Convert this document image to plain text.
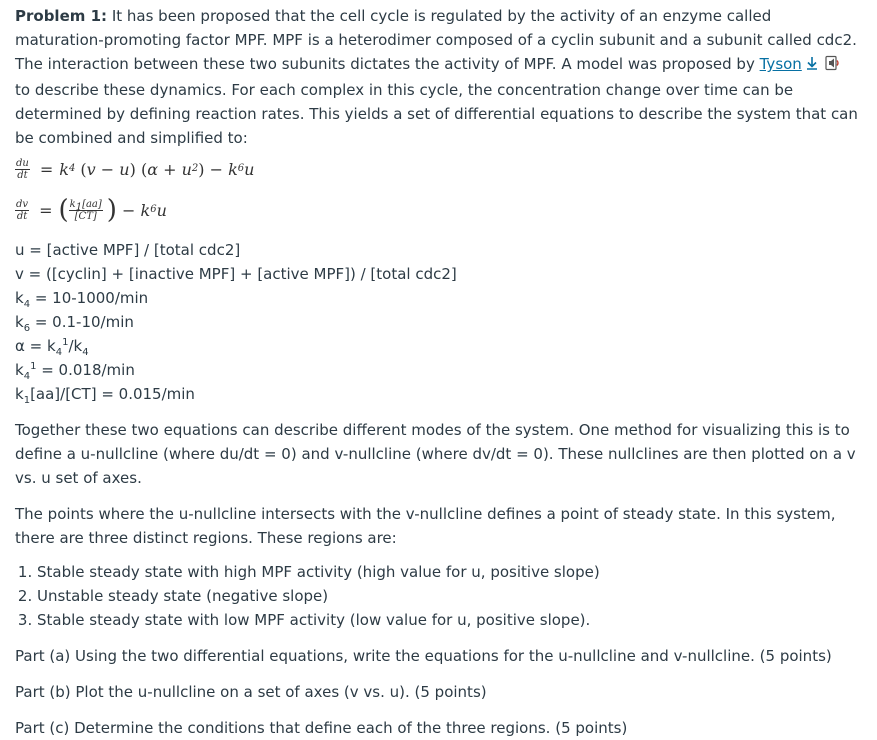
Problem 1: It has been proposed that the cell cycle is regulated by the activity of an enzyme called maturation-promoting factor MPF. MPF is a heterodimer composed of a cyclin subunit and a subunit called cdc2. The interaction between these two subunits dictates the activity of MPF. A model was proposed by Tyson to describe these dynamics. For each complex in this cycle, the concentration change over time can be determined by defining reaction rates. This yields a set of differential equations to describe the system that can be combined and simplified to:

$\frac{du}{dt} = k$ 4
( v − u )
( α + u 2 ) − k 6 u
$\frac{dv}{dt}$ = ( $\frac{k_1[aa]}{[CT]}$ ) − k 6 u

u = [active MPF] / [total cdc2]

v = ([cyclin] + [inactive MPF] + [active MPF]) / [total cdc2]

$k_4 = 10-1000/\min$

$k_6 = 0.1-10/\min$

$\alpha = k_4^1/k_4$

$k_4^1 = 0.018/\min$

$k_1[aa]/[CT] = 0.015/\min$

Together these two equations can describe different modes of the system. One method for visualizing this is to define a u-nullcline (where du/dt = 0) and v-nullcline (where dv/dt = 0). These nullclines are then plotted on a v vs. u set of axes.

The points where the u-nullcline intersects with the v-nullcline defines a point of steady state. In this system, there are three distinct regions. These regions are:

1. Stable steady state with high MPF activity (high value for u, positive slope)
2. Unstable steady state (negative slope)
3. Stable steady state with low MPF activity (low value for u, positive slope).

Part (a) Using the two differential equations, write the equations for the u-nullcline and v-nullcline. (5 points)

Part (b) Plot the u-nullcline on a set of axes (v vs. u). (5 points)

Part (c) Determine the conditions that define each of the three regions. (5 points)
